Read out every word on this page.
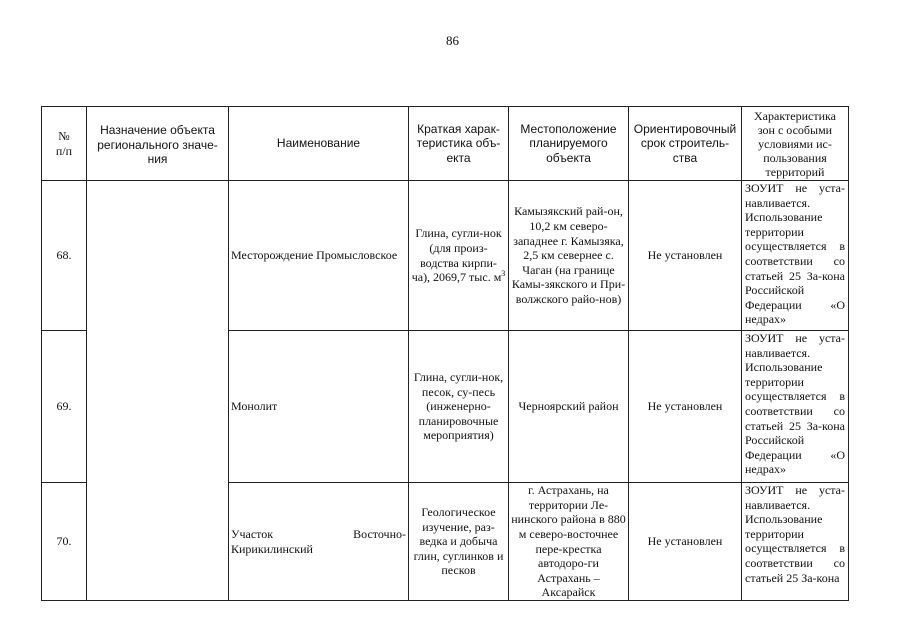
86
№
п/п	Назначение объекта регионального значе-ния	Наименование	Краткая харак-теристика объ-екта	Местоположение планируемого объекта	Ориентировочный срок строитель-ства	Характеристика зон с особыми условиями ис-пользования территорий
68.		Месторождение Промысловское	Глина, сугли-нок (для произ-водства кирпи-ча), 2069,7 тыс. $м^3$	Камызякский рай-он, 10,2 км северо-западнее г. Камызяка, 2,5 км севернее с. Чаган (на границе Камы-зякского и При-волжского райо-нов)	Не установлен	ЗОУИТ не уста-навливается. Использование территории осуществляется в соответствии со статьей 25 За-кона Российской Федерации «О недрах»
69.		Монолит	Глина, сугли-нок, песок, су-песь (инженерно-планировочные мероприятия)	Черноярский район	Не установлен	ЗОУИТ не уста-навливается. Использование территории осуществляется в соответствии со статьей 25 За-кона Российской Федерации «О недрах»
70.		Участок Восточно-
Кирикилинский	Геологическое изучение, раз-ведка и добыча глин, суглинков и песков	г. Астрахань, на территории Ле-нинского района в 880 м северо-восточнее пере-крестка автодоро-ги Астрахань – Аксарайск	Не установлен	ЗОУИТ не уста-навливается. Использование территории осуществляется в соответствии со статьей 25 За-кона
